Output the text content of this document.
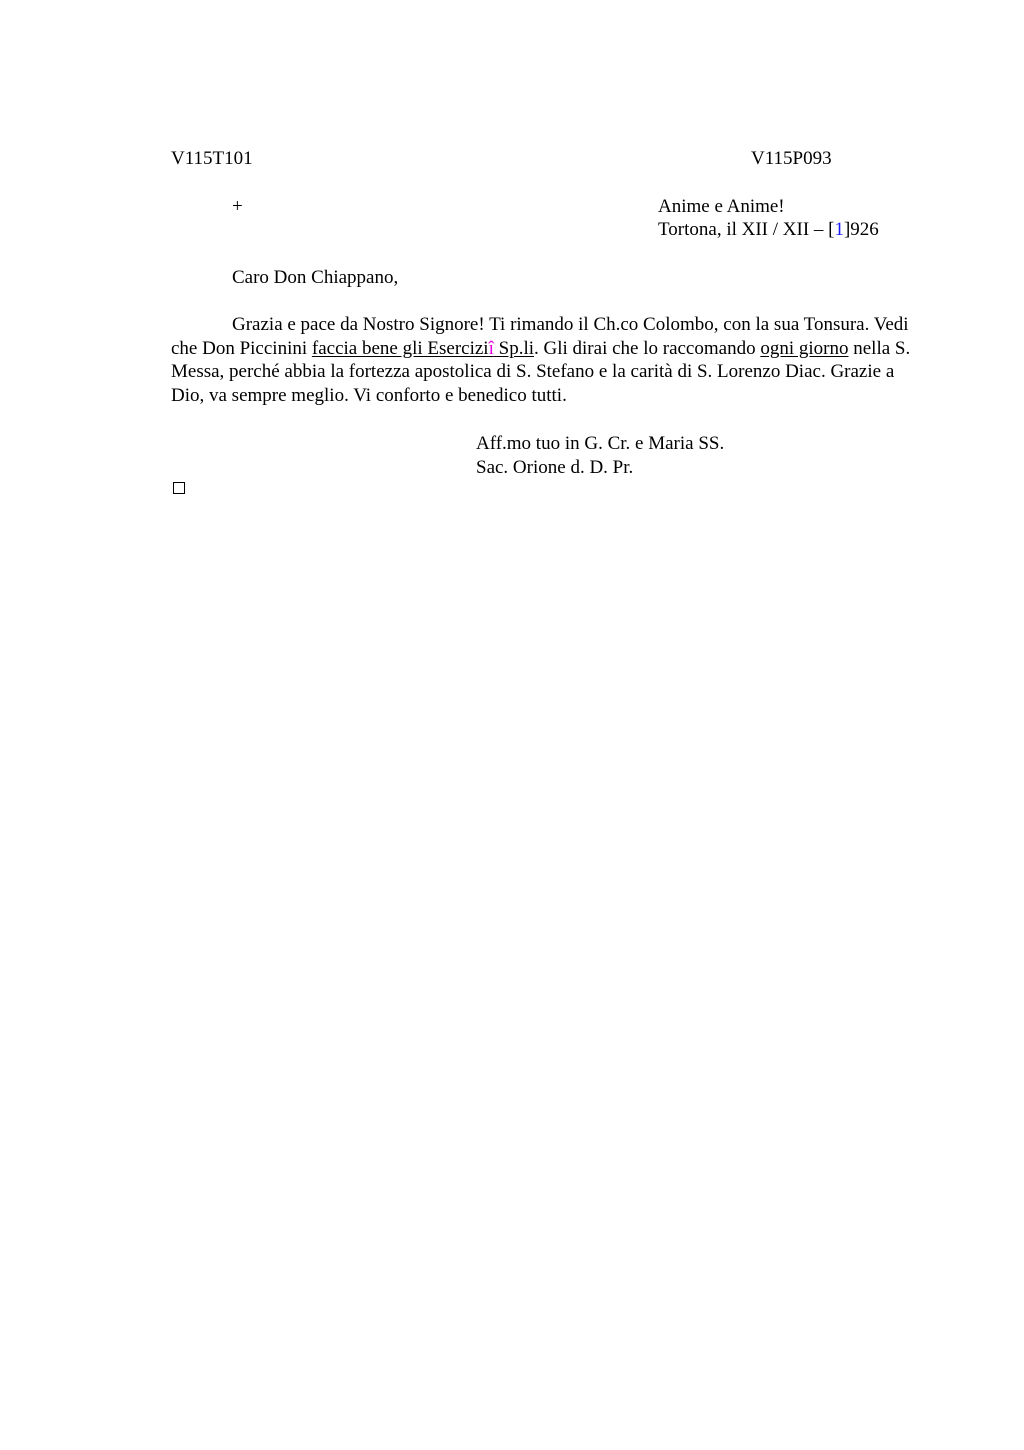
V115T101	V115P093
+	Anime e Anime!
Tortona, il XII / XII – [1]926
Caro Don Chiappano,
Grazia e pace da Nostro Signore! Ti rimando il Ch.co Colombo, con la sua Tonsura. Vedi che Don Piccinini faccia bene gli Eserciziî Sp.li. Gli dirai che lo raccomando ogni giorno nella S. Messa, perché abbia la fortezza apostolica di S. Stefano e la carità di S. Lorenzo Diac. Grazie a Dio, va sempre meglio. Vi conforto e benedico tutti.
Aff.mo tuo in G. Cr. e Maria SS.
Sac. Orione d. D. Pr.
